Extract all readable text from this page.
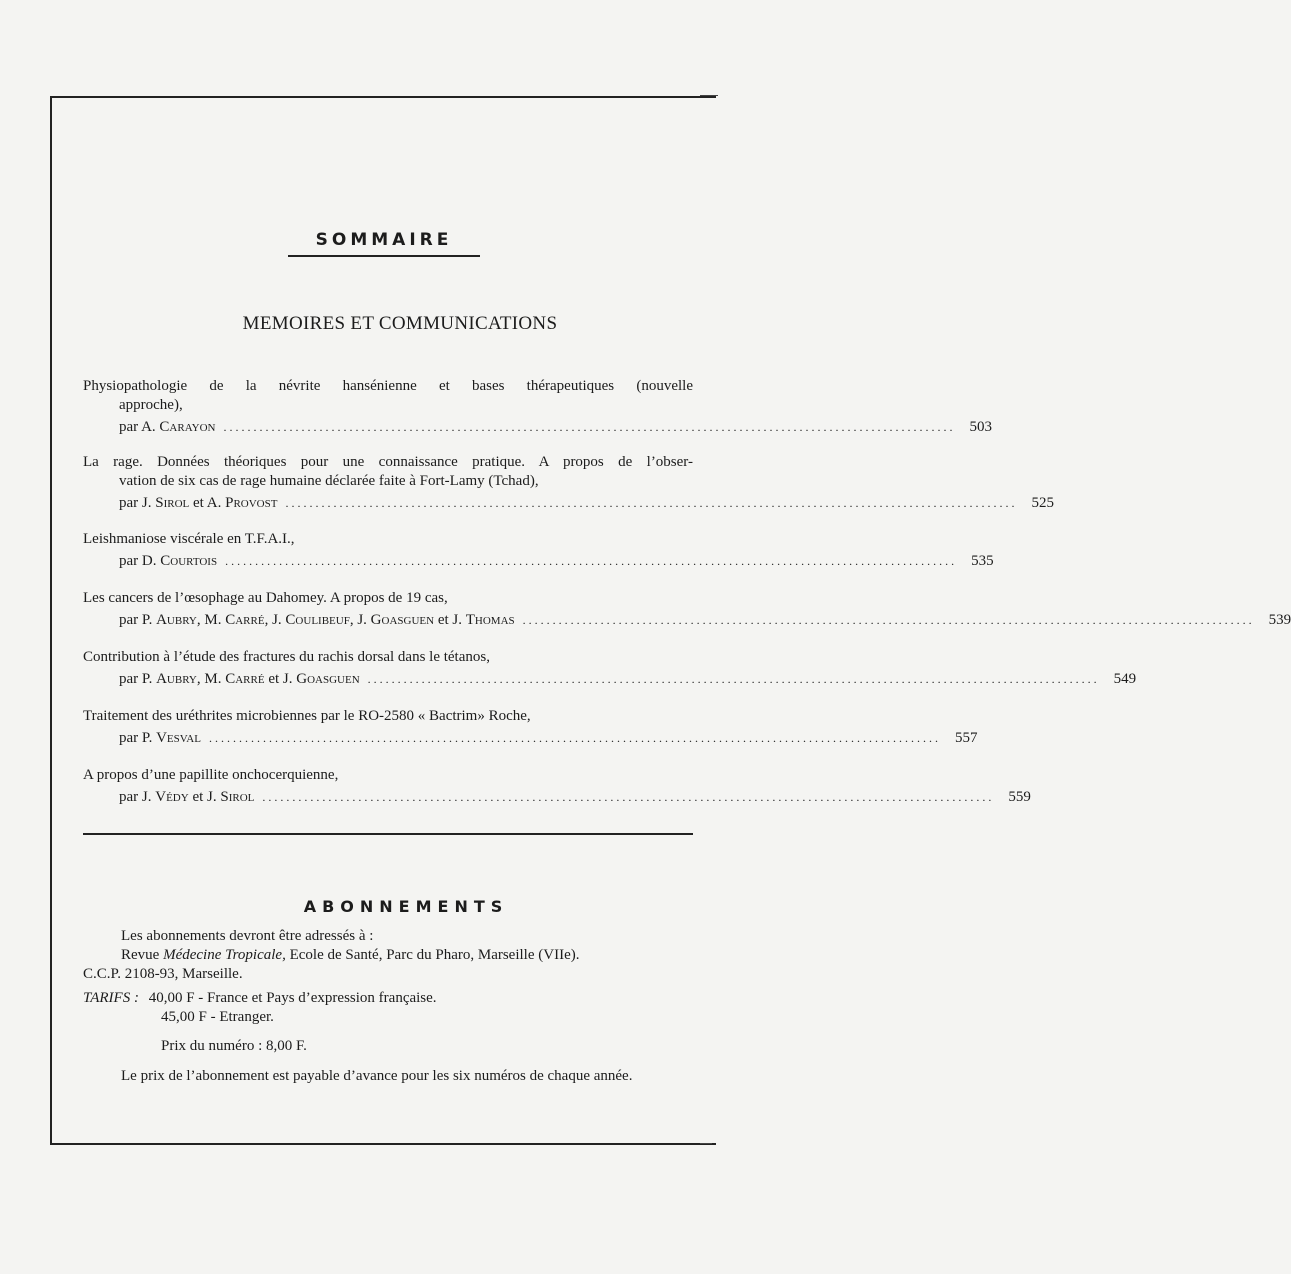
SOMMAIRE
MEMOIRES ET COMMUNICATIONS
Physiopathologie de la névrite hansénienne et bases thérapeutiques (nouvelle
approche),
par A. Carayon .......................................................................................................................... 503
La rage. Données théoriques pour une connaissance pratique. A propos de l’obser-
vation de six cas de rage humaine déclarée faite à Fort-Lamy (Tchad),
par J. Sirol et A. Provost .......................................................................................................................... 525
Leishmaniose viscérale en T.F.A.I.,
par D. Courtois .......................................................................................................................... 535
Les cancers de l’œsophage au Dahomey. A propos de 19 cas,
par P. Aubry, M. Carré, J. Coulibeuf, J. Goasguen et J. Thomas .......................................................................................................................... 539
Contribution à l’étude des fractures du rachis dorsal dans le tétanos,
par P. Aubry, M. Carré et J. Goasguen .......................................................................................................................... 549
Traitement des uréthrites microbiennes par le RO-2580 « Bactrim» Roche,
par P. Vesval .......................................................................................................................... 557
A propos d’une papillite onchocerquienne,
par J. Védy et J. Sirol .......................................................................................................................... 559
ABONNEMENTS
Les abonnements devront être adressés à :
Revue Médecine Tropicale, Ecole de Santé, Parc du Pharo, Marseille (VIIe).
C.C.P. 2108-93, Marseille.
TARIFS : 40,00 F - France et Pays d’expression française.
45,00 F - Etranger.
Prix du numéro : 8,00 F.
Le prix de l’abonnement est payable d’avance pour les six numéros de chaque année.
